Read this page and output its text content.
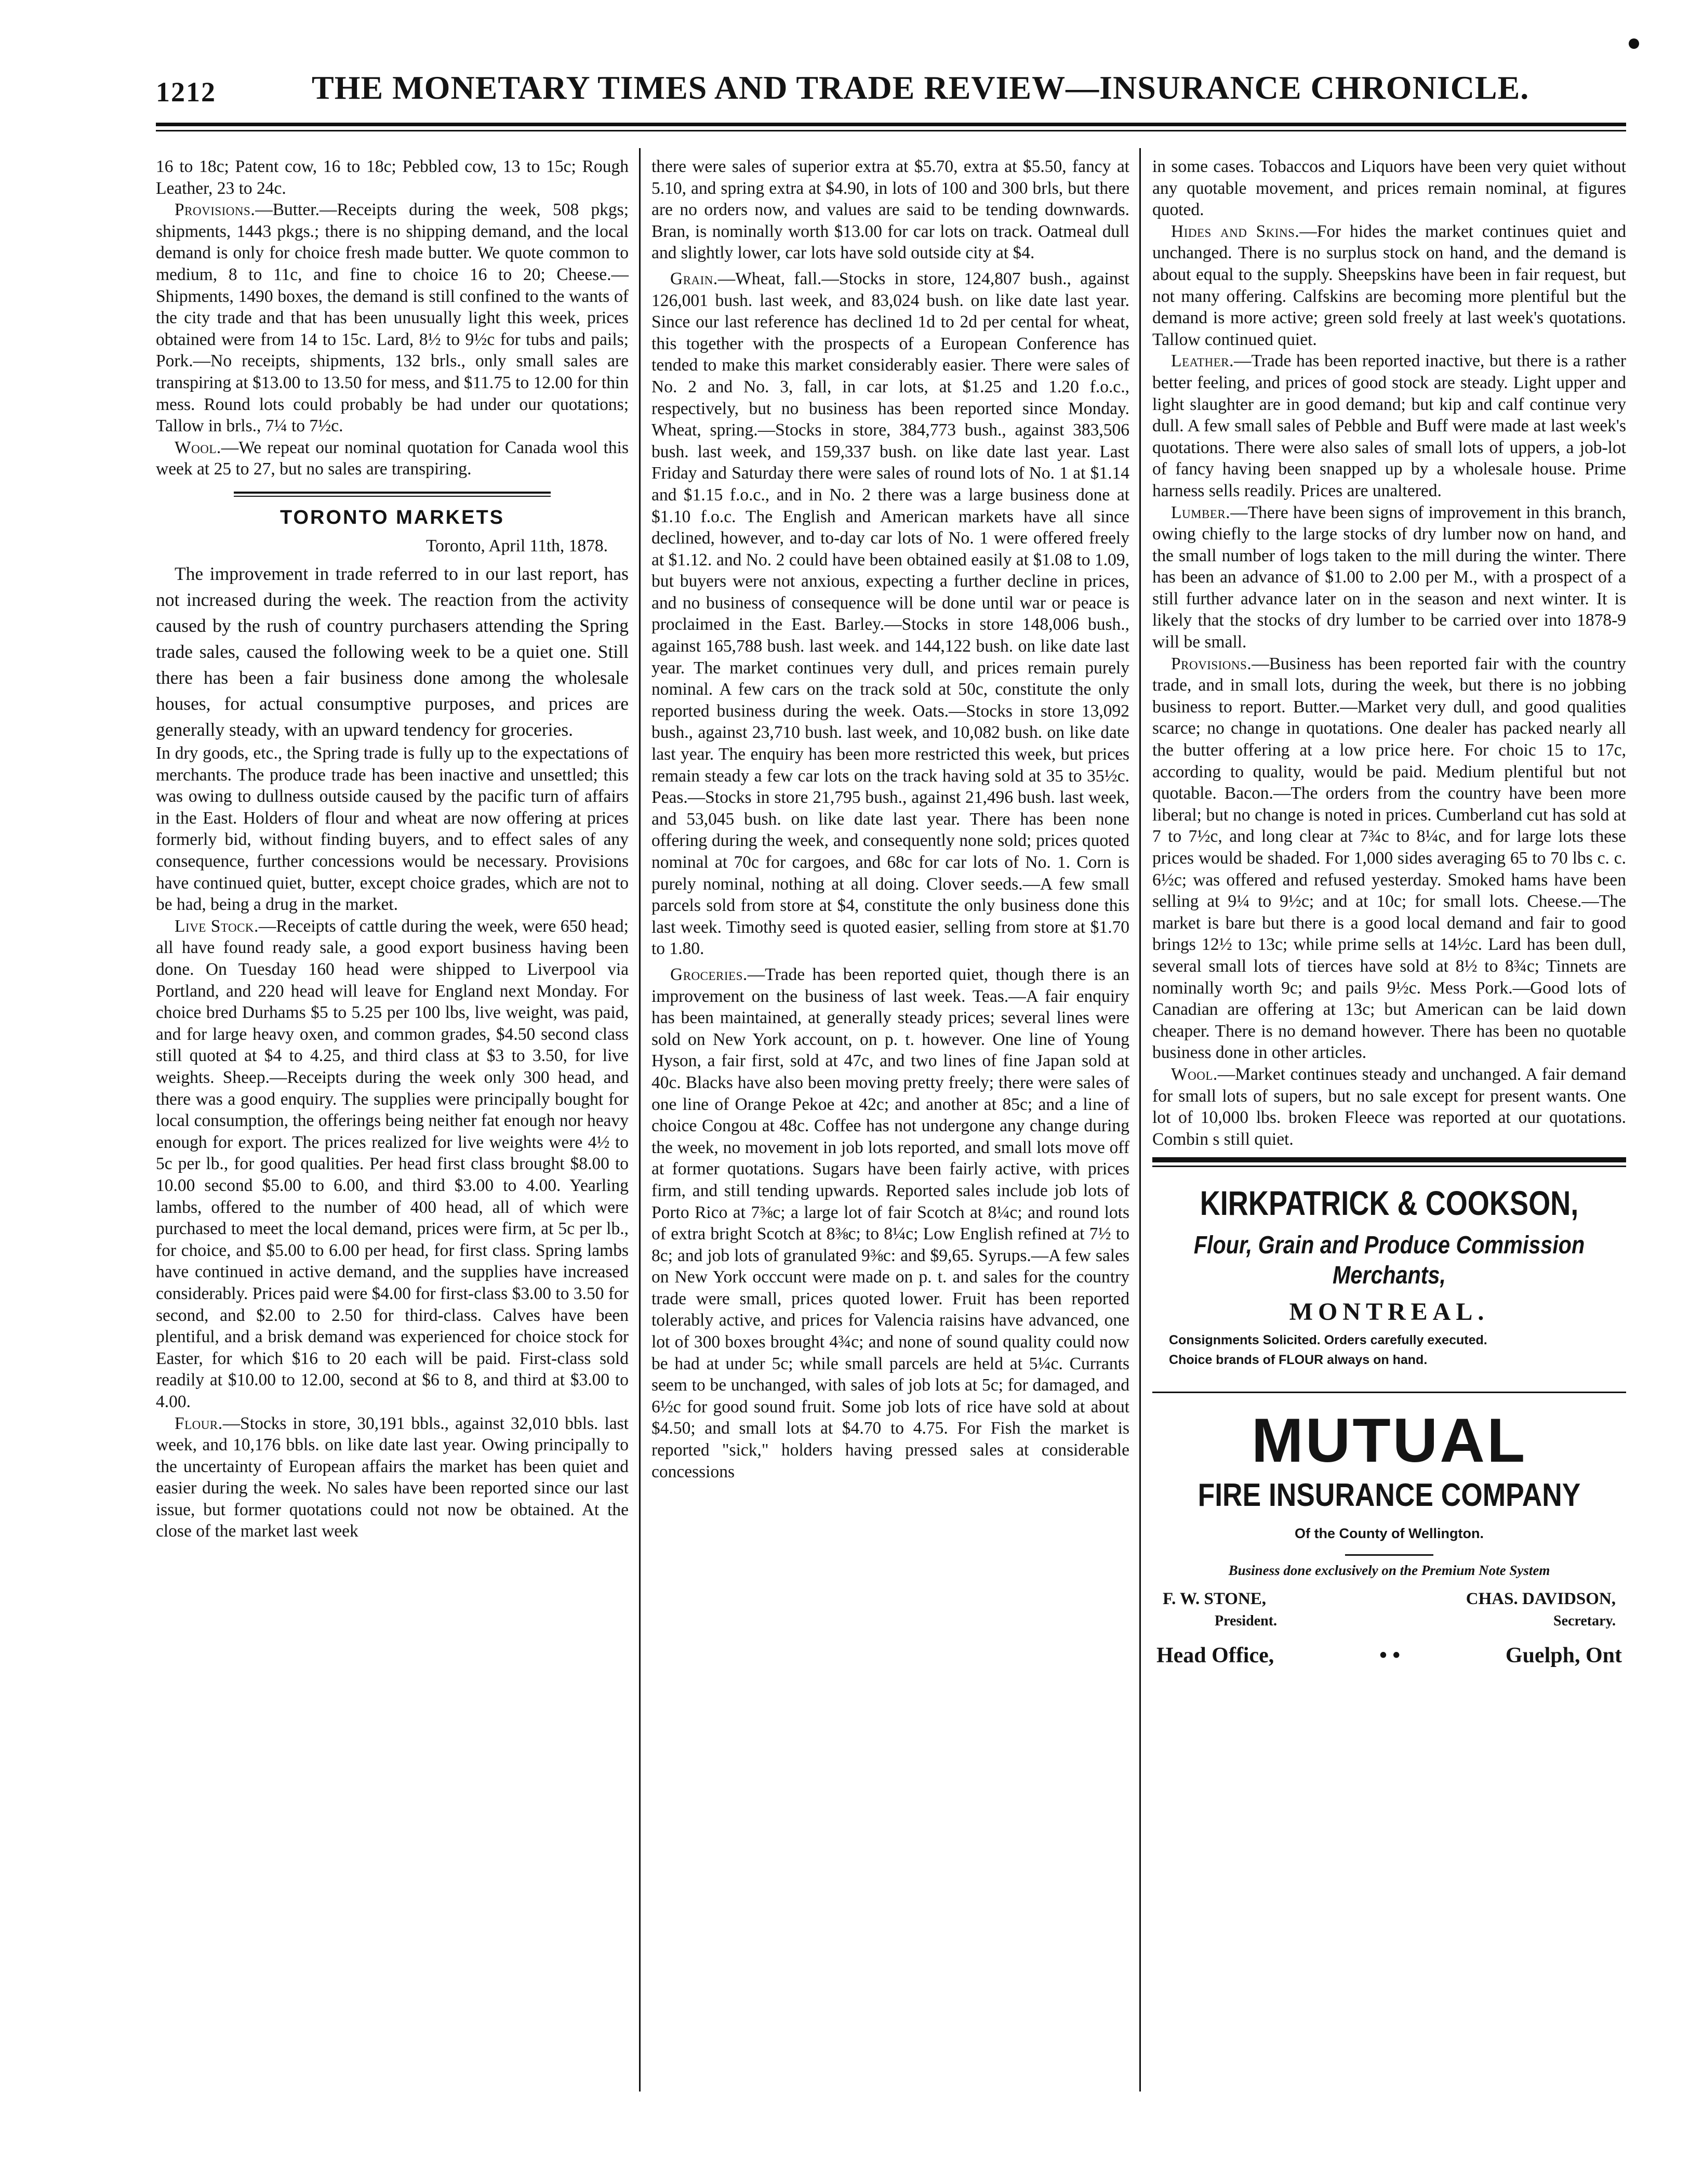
1212	THE MONETARY TIMES AND TRADE REVIEW—INSURANCE CHRONICLE.

16 to 18c; Patent cow, 16 to 18c; Pebbled cow, 13 to 15c; Rough Leather, 23 to 24c.

Provisions.—Butter.—Receipts during the week, 508 pkgs; shipments, 1443 pkgs.; there is no shipping demand, and the local demand is only for choice fresh made butter. We quote common to medium, 8 to 11c, and fine to choice 16 to 20; Cheese.—Shipments, 1490 boxes, the demand is still confined to the wants of the city trade and that has been unusually light this week, prices obtained were from 14 to 15c. Lard, 8½ to 9½c for tubs and pails; Pork.—No receipts, shipments, 132 brls., only small sales are transpiring at $13.00 to 13.50 for mess, and $11.75 to 12.00 for thin mess. Round lots could probably be had under our quotations; Tallow in brls., 7¼ to 7½c.

Wool.—We repeat our nominal quotation for Canada wool this week at 25 to 27, but no sales are transpiring.

TORONTO MARKETS
Toronto, April 11th, 1878.

The improvement in trade referred to in our last report, has not increased during the week. The reaction from the activity caused by the rush of country purchasers attending the Spring trade sales, caused the following week to be a quiet one. Still there has been a fair business done among the wholesale houses, for actual consumptive purposes, and prices are generally steady, with an upward tendency for groceries.

In dry goods, etc., the Spring trade is fully up to the expectations of merchants. The produce trade has been inactive and unsettled; this was owing to dullness outside caused by the pacific turn of affairs in the East. Holders of flour and wheat are now offering at prices formerly bid, without finding buyers, and to effect sales of any consequence, further concessions would be necessary. Provisions have continued quiet, butter, except choice grades, which are not to be had, being a drug in the market.

Live Stock.—Receipts of cattle during the week, were 650 head; all have found ready sale, a good export business having been done. On Tuesday 160 head were shipped to Liverpool via Portland, and 220 head will leave for England next Monday. For choice bred Durhams $5 to 5.25 per 100 lbs, live weight, was paid, and for large heavy oxen, and common grades, $4.50 second class still quoted at $4 to 4.25, and third class at $3 to 3.50, for live weights. Sheep.—Receipts during the week only 300 head, and there was a good enquiry. The supplies were principally bought for local consumption, the offerings being neither fat enough nor heavy enough for export. The prices realized for live weights were 4½ to 5c per lb., for good qualities. Per head first class brought $8.00 to 10.00 second $5.00 to 6.00, and third $3.00 to 4.00. Yearling lambs, offered to the number of 400 head, all of which were purchased to meet the local demand, prices were firm, at 5c per lb., for choice, and $5.00 to 6.00 per head, for first class. Spring lambs have continued in active demand, and the supplies have increased considerably. Prices paid were $4.00 for first-class $3.00 to 3.50 for second, and $2.00 to 2.50 for third-class. Calves have been plentiful, and a brisk demand was experienced for choice stock for Easter, for which $16 to 20 each will be paid. First-class sold readily at $10.00 to 12.00, second at $6 to 8, and third at $3.00 to 4.00.

Flour.—Stocks in store, 30,191 bbls., against 32,010 bbls. last week, and 10,176 bbls. on like date last year. Owing principally to the uncertainty of European affairs the market has been quiet and easier during the week. No sales have been reported since our last issue, but former quotations could not now be obtained. At the close of the market last week

there were sales of superior extra at $5.70, extra at $5.50, fancy at 5.10, and spring extra at $4.90, in lots of 100 and 300 brls, but there are no orders now, and values are said to be tending downwards. Bran, is nominally worth $13.00 for car lots on track. Oatmeal dull and slightly lower, car lots have sold outside city at $4.

Grain.—Wheat, fall.—Stocks in store, 124,807 bush., against 126,001 bush. last week, and 83,024 bush. on like date last year. Since our last reference has declined 1d to 2d per cental for wheat, this together with the prospects of a European Conference has tended to make this market considerably easier. There were sales of No. 2 and No. 3, fall, in car lots, at $1.25 and 1.20 f.o.c., respectively, but no business has been reported since Monday. Wheat, spring.—Stocks in store, 384,773 bush., against 383,506 bush. last week, and 159,337 bush. on like date last year. Last Friday and Saturday there were sales of round lots of No. 1 at $1.14 and $1.15 f.o.c., and in No. 2 there was a large business done at $1.10 f.o.c. The English and American markets have all since declined, however, and to-day car lots of No. 1 were offered freely at $1.12. and No. 2 could have been obtained easily at $1.08 to 1.09, but buyers were not anxious, expecting a further decline in prices, and no business of consequence will be done until war or peace is proclaimed in the East. Barley.—Stocks in store 148,006 bush., against 165,788 bush. last week. and 144,122 bush. on like date last year. The market continues very dull, and prices remain purely nominal. A few cars on the track sold at 50c, constitute the only reported business during the week. Oats.—Stocks in store 13,092 bush., against 23,710 bush. last week, and 10,082 bush. on like date last year. The enquiry has been more restricted this week, but prices remain steady a few car lots on the track having sold at 35 to 35½c. Peas.—Stocks in store 21,795 bush., against 21,496 bush. last week, and 53,045 bush. on like date last year. There has been none offering during the week, and consequently none sold; prices quoted nominal at 70c for cargoes, and 68c for car lots of No. 1. Corn is purely nominal, nothing at all doing. Clover seeds.—A few small parcels sold from store at $4, constitute the only business done this last week. Timothy seed is quoted easier, selling from store at $1.70 to 1.80.

Groceries.—Trade has been reported quiet, though there is an improvement on the business of last week. Teas.—A fair enquiry has been maintained, at generally steady prices; several lines were sold on New York account, on p. t. however. One line of Young Hyson, a fair first, sold at 47c, and two lines of fine Japan sold at 40c. Blacks have also been moving pretty freely; there were sales of one line of Orange Pekoe at 42c; and another at 85c; and a line of choice Congou at 48c. Coffee has not undergone any change during the week, no movement in job lots reported, and small lots move off at former quotations. Sugars have been fairly active, with prices firm, and still tending upwards. Reported sales include job lots of Porto Rico at 7⅜c; a large lot of fair Scotch at 8¼c; and round lots of extra bright Scotch at 8⅜c; to 8¼c; Low English refined at 7½ to 8c; and job lots of granulated 9⅜c: and $9,65. Syrups.—A few sales on New York occcunt were made on p. t. and sales for the country trade were small, prices quoted lower. Fruit has been reported tolerably active, and prices for Valencia raisins have advanced, one lot of 300 boxes brought 4¾c; and none of sound quality could now be had at under 5c; while small parcels are held at 5¼c. Currants seem to be unchanged, with sales of job lots at 5c; for damaged, and 6½c for good sound fruit. Some job lots of rice have sold at about $4.50; and small lots at $4.70 to 4.75. For Fish the market is reported "sick," holders having pressed sales at considerable concessions

in some cases. Tobaccos and Liquors have been very quiet without any quotable movement, and prices remain nominal, at figures quoted.

Hides and Skins.—For hides the market continues quiet and unchanged. There is no surplus stock on hand, and the demand is about equal to the supply. Sheepskins have been in fair request, but not many offering. Calfskins are becoming more plentiful but the demand is more active; green sold freely at last week's quotations. Tallow continued quiet.

Leather.—Trade has been reported inactive, but there is a rather better feeling, and prices of good stock are steady. Light upper and light slaughter are in good demand; but kip and calf continue very dull. A few small sales of Pebble and Buff were made at last week's quotations. There were also sales of small lots of uppers, a job-lot of fancy having been snapped up by a wholesale house. Prime harness sells readily. Prices are unaltered.

Lumber.—There have been signs of improvement in this branch, owing chiefly to the large stocks of dry lumber now on hand, and the small number of logs taken to the mill during the winter. There has been an advance of $1.00 to 2.00 per M., with a prospect of a still further advance later on in the season and next winter. It is likely that the stocks of dry lumber to be carried over into 1878-9 will be small.

Provisions.—Business has been reported fair with the country trade, and in small lots, during the week, but there is no jobbing business to report. Butter.—Market very dull, and good qualities scarce; no change in quotations. One dealer has packed nearly all the butter offering at a low price here. For choic 15 to 17c, according to quality, would be paid. Medium plentiful but not quotable. Bacon.—The orders from the country have been more liberal; but no change is noted in prices. Cumberland cut has sold at 7 to 7½c, and long clear at 7¾c to 8¼c, and for large lots these prices would be shaded. For 1,000 sides averaging 65 to 70 lbs c. c. 6½c; was offered and refused yesterday. Smoked hams have been selling at 9¼ to 9½c; and at 10c; for small lots. Cheese.—The market is bare but there is a good local demand and fair to good brings 12½ to 13c; while prime sells at 14½c. Lard has been dull, several small lots of tierces have sold at 8½ to 8¾c; Tinnets are nominally worth 9c; and pails 9½c. Mess Pork.—Good lots of Canadian are offering at 13c; but American can be laid down cheaper. There is no demand however. There has been no quotable business done in other articles.

Wool.—Market continues steady and unchanged. A fair demand for small lots of supers, but no sale except for present wants. One lot of 10,000 lbs. broken Fleece was reported at our quotations. Combin s still quiet.

KIRKPATRICK & COOKSON,
Flour, Grain and Produce Commission
Merchants,
MONTREAL.
Consignments Solicited. Orders carefully executed.
Choice brands of FLOUR always on hand.
MUTUAL
FIRE INSURANCE COMPANY
Of the County of Wellington.
Business done exclusively on the Premium Note System
F. W. STONE,	CHAS. DAVIDSON,
President.	Secretary.
Head Office,	• •	Guelph, Ont
